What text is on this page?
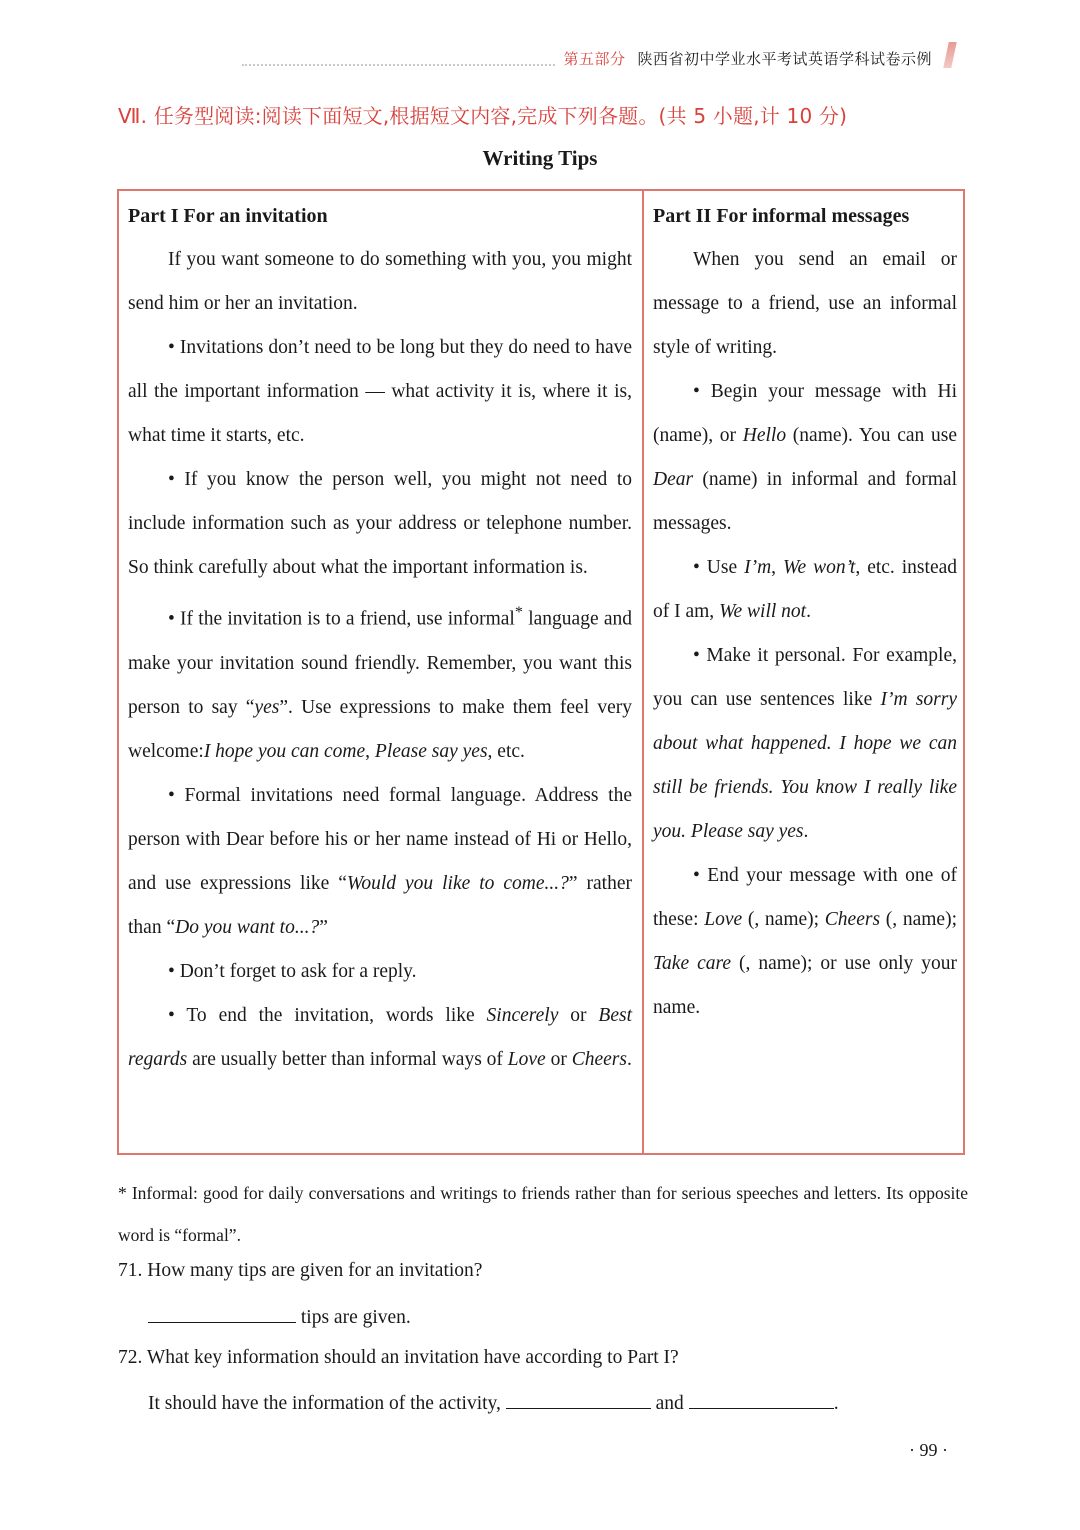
第五部分 陕西省初中学业水平考试英语学科试卷示例
Ⅶ. 任务型阅读:阅读下面短文,根据短文内容,完成下列各题。(共 5 小题,计 10 分)
Writing Tips
Part I For an invitation

If you want someone to do something with you, you might send him or her an invitation.

• Invitations don’t need to be long but they do need to have all the important information — what activity it is, where it is, what time it starts, etc.

• If you know the person well, you might not need to include information such as your address or telephone number. So think carefully about what the important information is.

• If the invitation is to a friend, use informal* language and make your invitation sound friendly. Remember, you want this person to say “yes”. Use expressions to make them feel very welcome:I hope you can come, Please say yes, etc.

• Formal invitations need formal language. Address the person with Dear before his or her name instead of Hi or Hello, and use expressions like “Would you like to come...?” rather than “Do you want to...?”

• Don’t forget to ask for a reply.

• To end the invitation, words like Sincerely or Best regards are usually better than informal ways of Love or Cheers.

Part II For informal messages

When you send an email or message to a friend, use an informal style of writing.

• Begin your message with Hi (name), or Hello (name). You can use Dear (name) in informal and formal messages.

• Use I’m, We won’t, etc. instead of I am, We will not.

• Make it personal. For example, you can use sentences like I’m sorry about what happened. I hope we can still be friends. You know I really like you. Please say yes.

• End your message with one of these: Love (, name); Cheers (, name); Take care (, name); or use only your name.

* Informal: good for daily conversations and writings to friends rather than for serious speeches and letters. Its opposite word is “formal”.
71. How many tips are given for an invitation?
tips are given.
72. What key information should an invitation have according to Part I?
It should have the information of the activity,	and	.
· 99 ·
